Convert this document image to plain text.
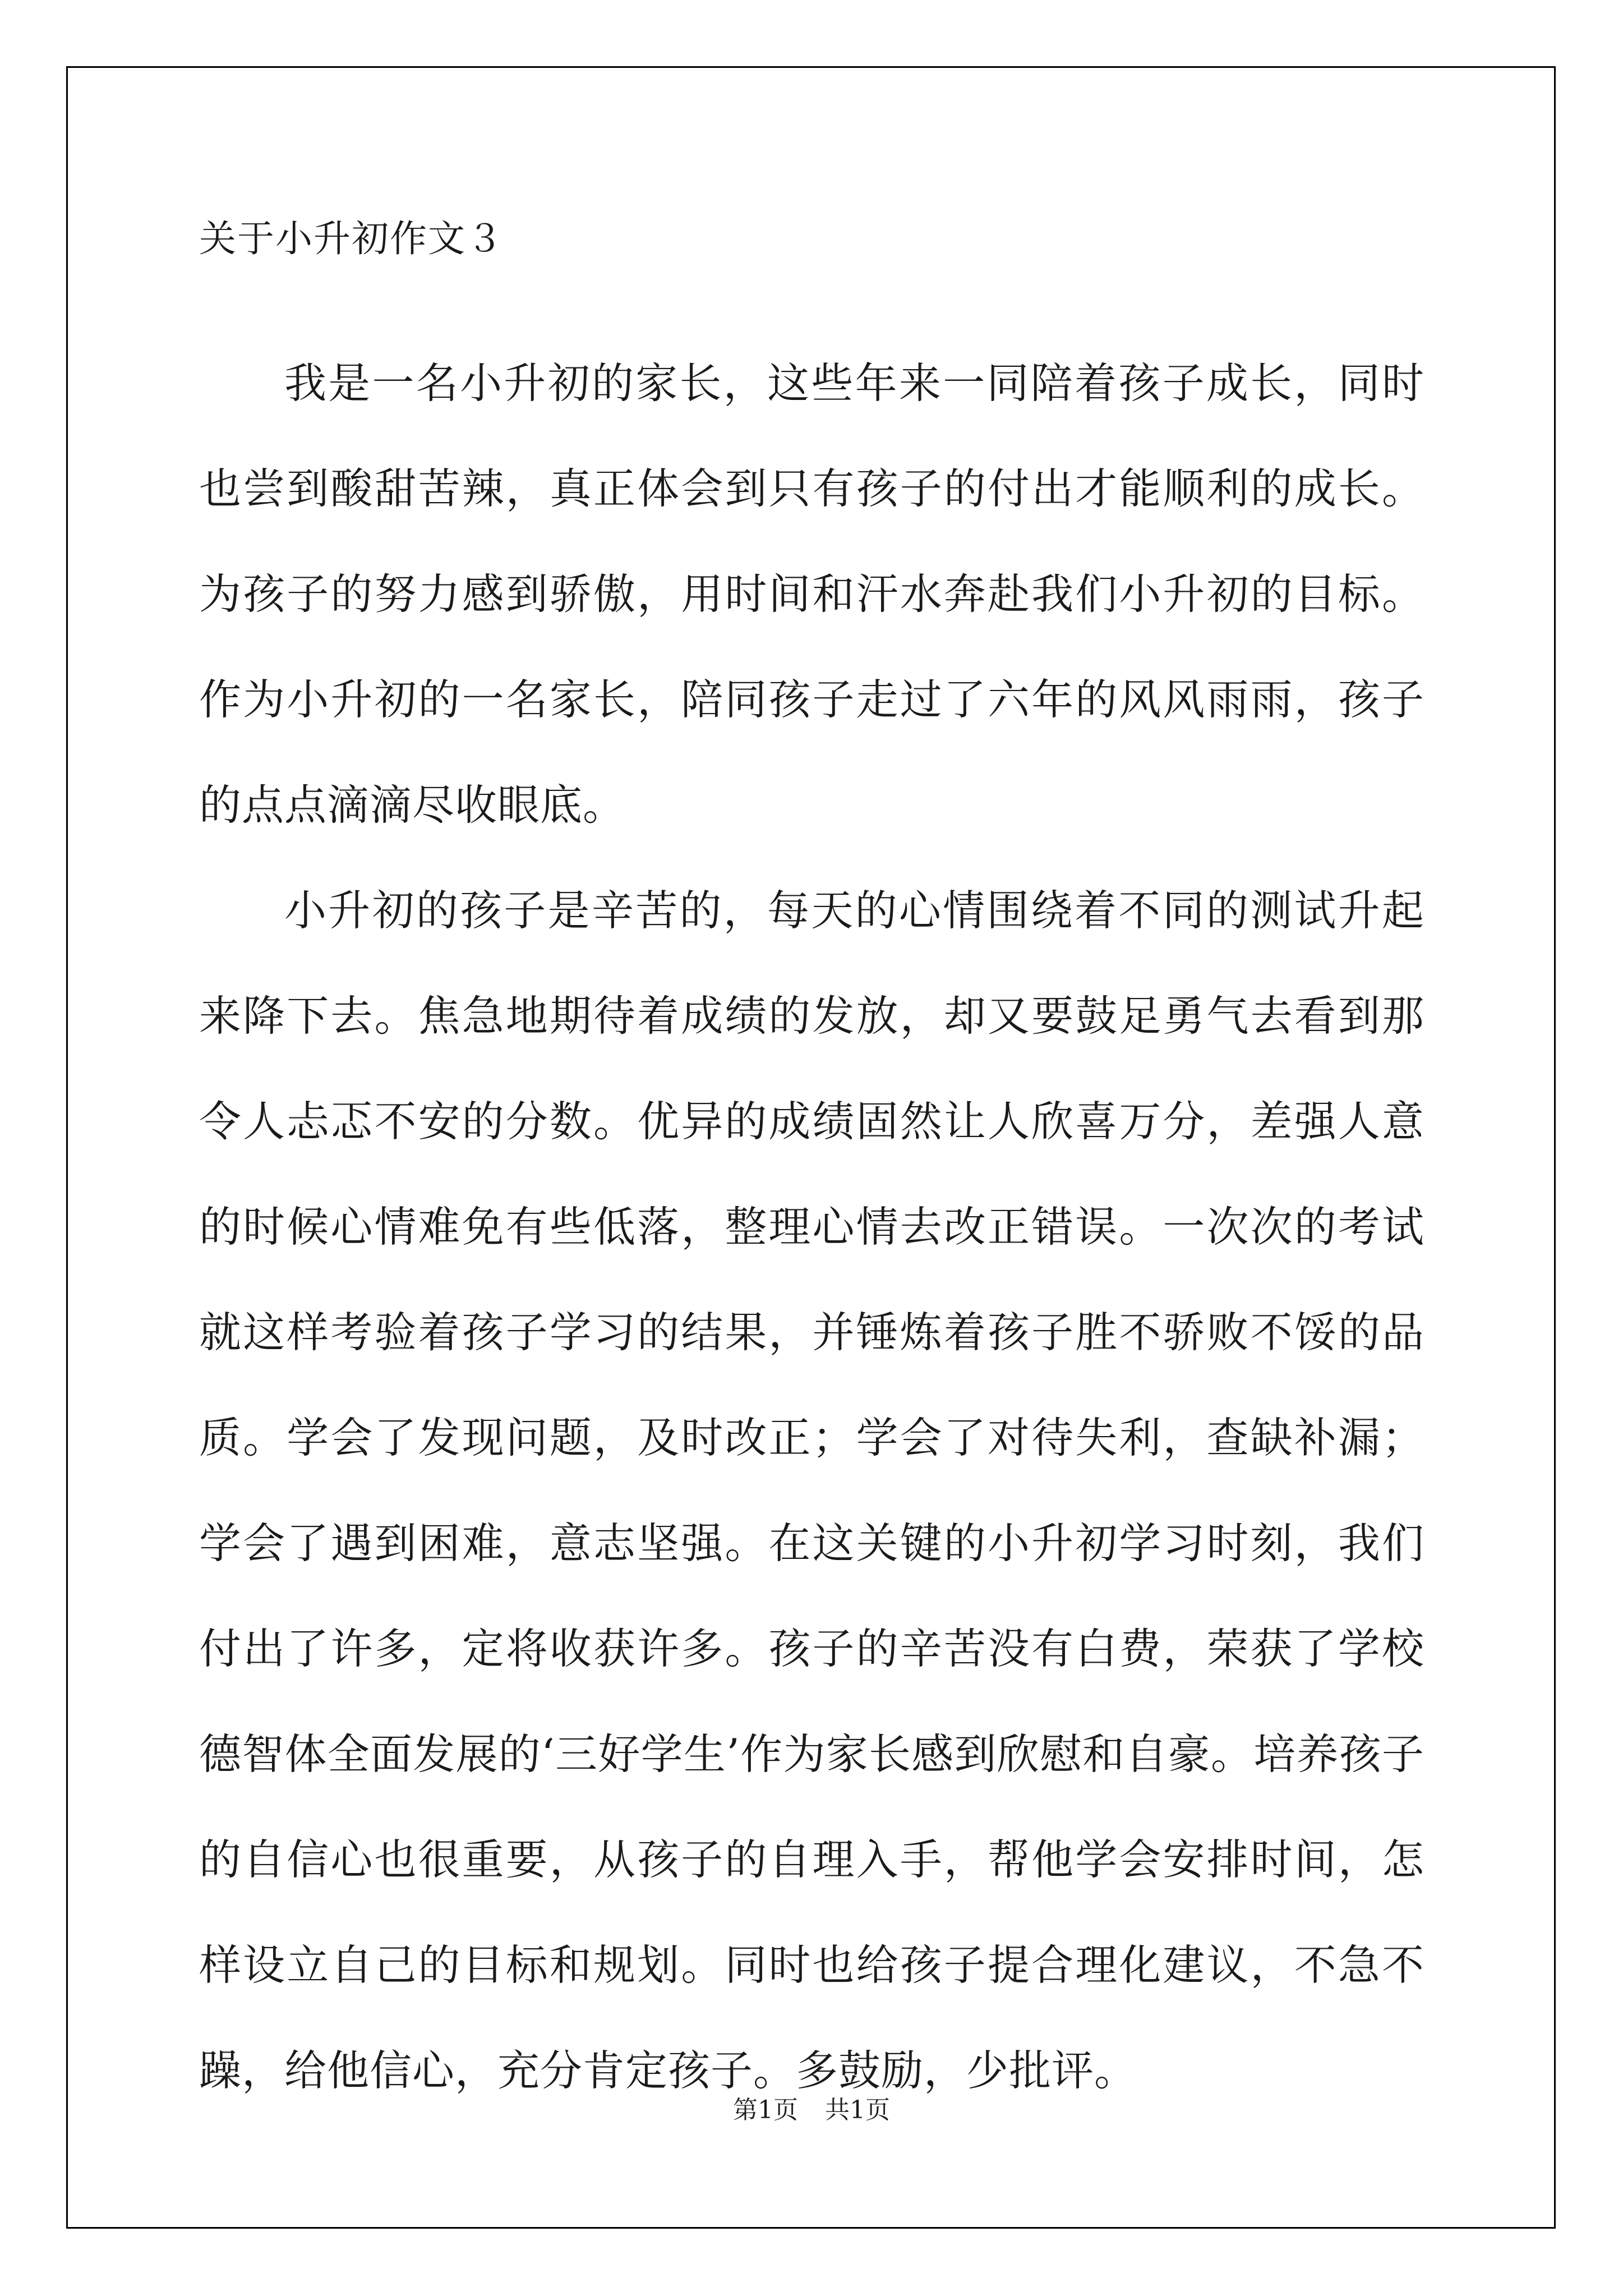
关于小升初作文３

我是一名小升初的家长，这些年来一同陪着孩子成长，同时也尝到酸甜苦辣，真正体会到只有孩子的付出才能顺利的成长。为孩子的努力感到骄傲，用时间和汗水奔赴我们小升初的目标。作为小升初的一名家长，陪同孩子走过了六年的风风雨雨，孩子的点点滴滴尽收眼底。

小升初的孩子是辛苦的，每天的心情围绕着不同的测试升起来降下去。焦急地期待着成绩的发放，却又要鼓足勇气去看到那令人忐忑不安的分数。优异的成绩固然让人欣喜万分，差强人意的时候心情难免有些低落，整理心情去改正错误。一次次的考试就这样考验着孩子学习的结果，并锤炼着孩子胜不骄败不馁的品质。学会了发现问题，及时改正；学会了对待失利，查缺补漏；学会了遇到困难，意志坚强。在这关键的小升初学习时刻，我们付出了许多，定将收获许多。孩子的辛苦没有白费，荣获了学校德智体全面发展的‘三好学生’作为家长感到欣慰和自豪。培养孩子的自信心也很重要，从孩子的自理入手，帮他学会安排时间，怎样设立自己的目标和规划。同时也给孩子提合理化建议，不急不躁，给他信心，充分肯定孩子。多鼓励，少批评。

第1页 共1页
